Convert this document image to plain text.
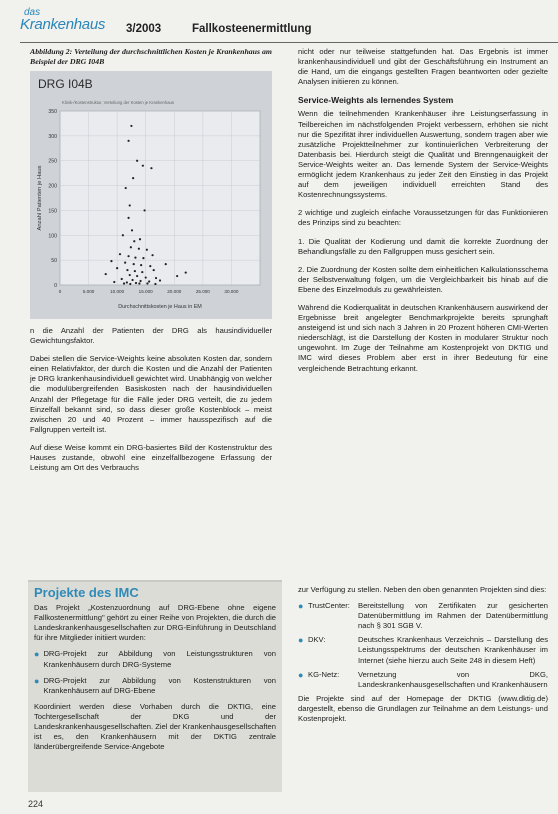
das
Krankenhaus 3/2003	Fallkosteenermittlung
Abbildung 2: Verteilung der durchschnittlichen Kosten je Krankenhaus am Beispiel der DRG I04B
DRG I04B
Klinik-/Kostenstruktur, Verteilung der Kosten je Krankenhaus
0
50
100
150
200
250
300
350
0	5.000	10.000	15.000	20.000	25.000	30.000
Durchschnittskosten je Haus in EM
Anzahl Patienten je Haus

n die Anzahl der Patienten der DRG als hausindividueller Gewichtungsfaktor.

Dabei stellen die Service-Weights keine absoluten Kosten dar, sondern einen Relativfaktor, der durch die Kosten und die Anzahl der Patienten je DRG krankenhausindividuell gewichtet wird. Unabhängig von welcher die modulübergreifenden Basiskosten nach der hausindividuellen Anzahl der Pflegetage für die Fälle jeder DRG verteilt, die zu jedem Einzelfall bekannt sind, so dass dieser große Kostenblock – meist zwischen 20 und 40 Prozent – immer hausspezifisch auf die Fallgruppen verteilt ist.

Auf diese Weise kommt ein DRG-basiertes Bild der Kostenstruktur des Hauses zustande, obwohl eine einzelfallbezogene Erfassung der Leistung am Ort des Verbrauchs

nicht oder nur teilweise stattgefunden hat. Das Ergebnis ist immer krankenhausindividuell und gibt der Geschäftsführung ein Instrument an die Hand, um die eingangs gestellten Fragen beantworten oder gezielte Analysen initiieren zu können.

Service-Weights als lernendes System

Wenn die teilnehmenden Krankenhäuser ihre Leistungserfassung in Teilbereichen im nächstfolgenden Projekt verbessern, erhöhen sie nicht nur die Spezifität ihrer individuellen Auswertung, sondern tragen aber wie zusätzliche Projektteilnehmer zur kontinuierlichen Verbreiterung der Datenbasis bei. Hierdurch steigt die Qualität und Brenngenauigkeit der Service-Weights weiter an. Das lernende System der Service-Weights ermöglicht jedem Krankenhaus zu jeder Zeit den Einstieg in das Projekt auf dem jeweiligen individuell erreichten Stand des Kostenrechnungssystems.

2 wichtige und zugleich einfache Voraussetzungen für das Funktionieren des Prinzips sind zu beachten:

1. Die Qualität der Kodierung und damit die korrekte Zuordnung der Behandlungsfälle zu den Fallgruppen muss gesichert sein.

2. Die Zuordnung der Kosten sollte dem einheitlichen Kalkulationsschema der Selbstverwaltung folgen, um die Vergleichbarkeit bis hinab auf die Ebene des Einzelmoduls zu gewährleisten.

Während die Kodierqualität in deutschen Krankenhäusern auswirkend der Ergebnisse breit angelegter Benchmarkprojekte bereits sprunghaft ansteigend ist und sich nach 3 Jahren in 20 Prozent höheren CMI-Werten niederschlägt, ist die Darstellung der Kosten in modularer Struktur noch ungewohnt. Im Zuge der Teilnahme am Kostenprojekt von DKTIG und IMC wird dieses Problem aber erst in ihrer Bedeutung für eine vergleichende Betrachtung erkannt.

Projekte des IMC

Das Projekt „Kostenzuordnung auf DRG-Ebene ohne eigene Fallkostenermittlung" gehört zu einer Reihe von Projekten, die durch die Landeskrankenhausgesellschaften zur DRG-Einführung in Deutschland für ihre Mitglieder initiiert wurden:

● DRG-Projekt zur Abbildung von Leistungsstrukturen von Krankenhäusern durch DRG-Systeme
● DRG-Projekt zur Abbildung von Kostenstrukturen von Krankenhäusern auf DRG-Ebene

Koordiniert werden diese Vorhaben durch die DKTIG, eine Tochtergesellschaft der DKG und der Landeskrankenhausgesellschaften. Ziel der Krankenhausgesellschaften ist es, den Krankenhäusern mit der DKTIG zentrale länderübergreifende Service-Angebote

zur Verfügung zu stellen. Neben den oben genannten Projekten sind dies:

● TrustCenter:	Bereitstellung von Zertifikaten zur gesicherten Datenübermittlung im Rahmen der Datenübermittlung nach § 301 SGB V.
● DKV:	Deutsches Krankenhaus Verzeichnis – Darstellung des Leistungsspektrums der deutschen Krankenhäuser im Internet (siehe hierzu auch Seite 248 in diesem Heft)
● KG-Netz:	Vernetzung von DKG, Landeskrankenhausgesellschaften und Krankenhäusern

Die Projekte sind auf der Homepage der DKTIG (www.dktig.de) dargestellt, ebenso die Grundlagen zur Teilnahme an dem Leistungs- und Kostenprojekt.

224
